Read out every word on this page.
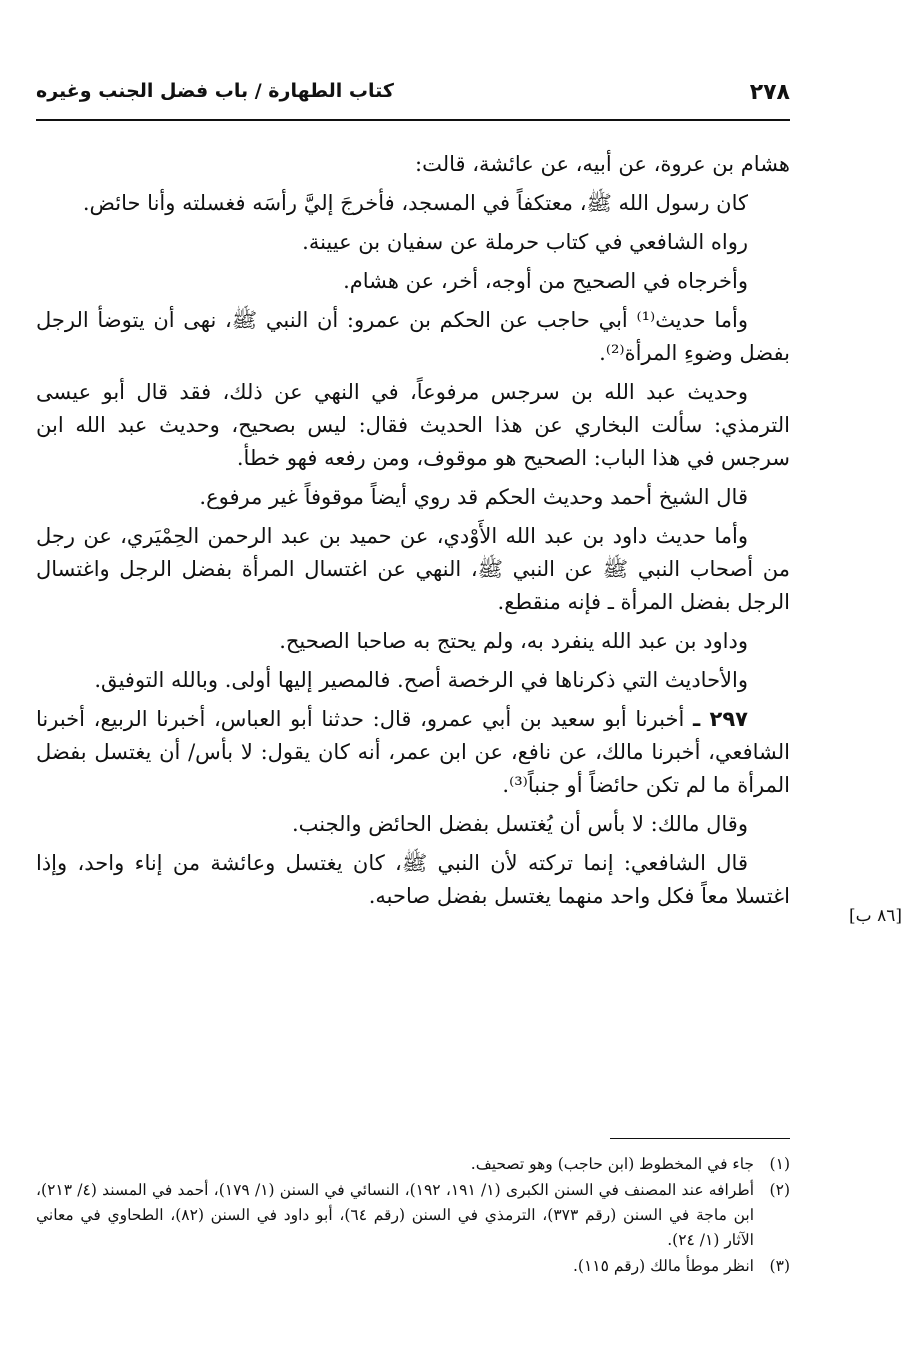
٢٧٨
كتاب الطهارة / باب فضل الجنب وغيره

هشام بن عروة، عن أبيه، عن عائشة، قالت:

كان رسول الله ﷺ، معتكفاً في المسجد، فأخرجَ إليَّ رأسَه فغسلته وأنا حائض.

رواه الشافعي في كتاب حرملة عن سفيان بن عيينة.

وأخرجاه في الصحيح من أوجه، أخر، عن هشام.

وأما حديث⁽¹⁾ أبي حاجب عن الحكم بن عمرو: أن النبي ﷺ، نهى أن يتوضأ الرجل بفضل وضوءِ المرأة⁽²⁾.

وحديث عبد الله بن سرجس مرفوعاً، في النهي عن ذلك، فقد قال أبو عيسى الترمذي: سألت البخاري عن هذا الحديث فقال: ليس بصحيح، وحديث عبد الله ابن سرجس في هذا الباب: الصحيح هو موقوف، ومن رفعه فهو خطأ.

قال الشيخ أحمد وحديث الحكم قد روي أيضاً موقوفاً غير مرفوع.

وأما حديث داود بن عبد الله الأَوْدي، عن حميد بن عبد الرحمن الحِمْيَري، عن رجل من أصحاب النبي ﷺ عن النبي ﷺ، النهي عن اغتسال المرأة بفضل الرجل واغتسال الرجل بفضل المرأة ـ فإنه منقطع.

وداود بن عبد الله ينفرد به، ولم يحتج به صاحبا الصحيح.

والأحاديث التي ذكرناها في الرخصة أصح. فالمصير إليها أولى. وبالله التوفيق.

٢٩٧ ـ أخبرنا أبو سعيد بن أبي عمرو، قال: حدثنا أبو العباس، أخبرنا الربيع، أخبرنا الشافعي، أخبرنا مالك، عن نافع، عن ابن عمر، أنه كان يقول: لا بأس/ أن يغتسل بفضل المرأة ما لم تكن حائضاً أو جنباً⁽³⁾.

وقال مالك: لا بأس أن يُغتسل بفضل الحائض والجنب.

قال الشافعي: إنما تركته لأن النبي ﷺ، كان يغتسل وعائشة من إناء واحد، وإذا اغتسلا معاً فكل واحد منهما يغتسل بفضل صاحبه.

[٨٦ ب]
(١)
جاء في المخطوط (ابن حاجب) وهو تصحيف.
(٢)
أطرافه عند المصنف في السنن الكبرى (١/ ١٩١، ١٩٢)، النسائي في السنن (١/ ١٧٩)، أحمد في المسند (٤/ ٢١٣)، ابن ماجة في السنن (رقم ٣٧٣)، الترمذي في السنن (رقم ٦٤)، أبو داود في السنن (٨٢)، الطحاوي في معاني الآثار (١/ ٢٤).
(٣)
انظر موطأ مالك (رقم ١١٥).
